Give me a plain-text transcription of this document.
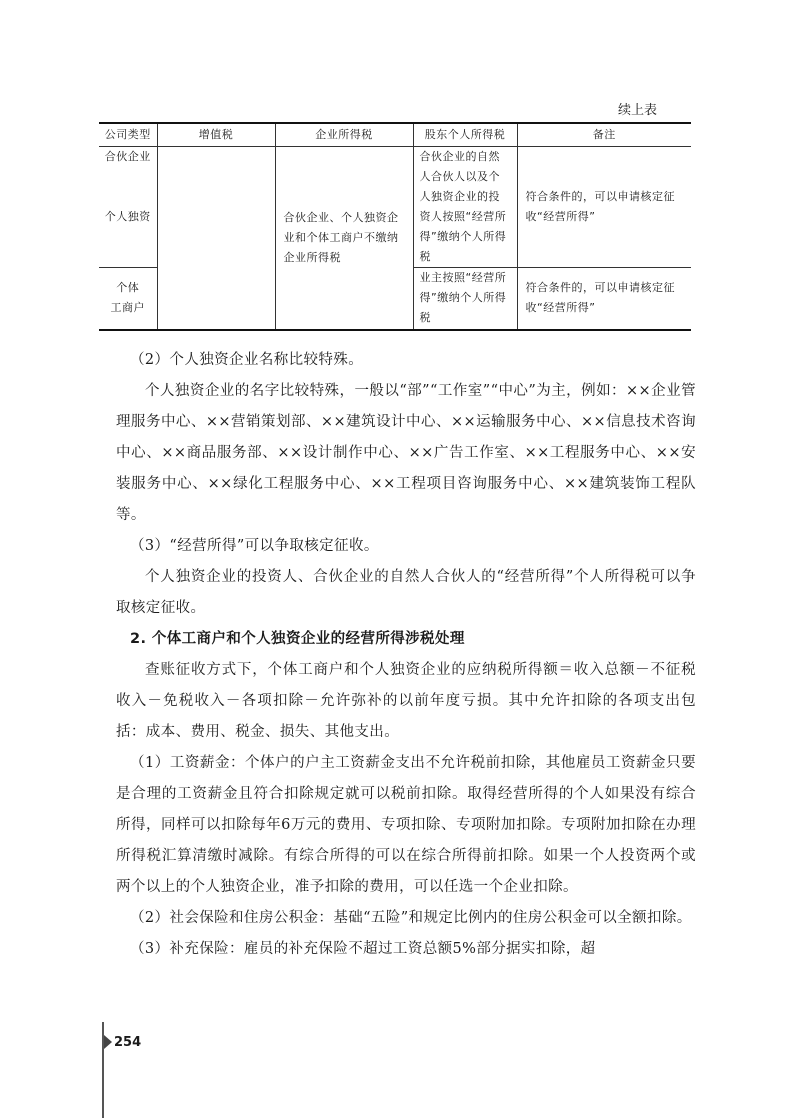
续上表
公司类型	增值税	企业所得税	股东个人所得税	备注

合伙企业
个人独资		合伙企业、个人独资企业和个体工商户不缴纳企业所得税	合伙企业的自然人合伙人以及个人独资企业的投资人按照“经营所得”缴纳个人所得税	符合条件的，可以申请核定征收“经营所得”

个体
工商户			业主按照“经营所得”缴纳个人所得税	符合条件的，可以申请核定征收“经营所得”

（2）个人独资企业名称比较特殊。

个人独资企业的名字比较特殊，一般以“部”“工作室”“中心”为主，例如：××企业管理服务中心、××营销策划部、××建筑设计中心、××运输服务中心、××信息技术咨询中心、××商品服务部、××设计制作中心、××广告工作室、××工程服务中心、××安装服务中心、××绿化工程服务中心、××工程项目咨询服务中心、××建筑装饰工程队等。

（3）“经营所得”可以争取核定征收。

个人独资企业的投资人、合伙企业的自然人合伙人的“经营所得”个人所得税可以争取核定征收。

2. 个体工商户和个人独资企业的经营所得涉税处理

查账征收方式下，个体工商户和个人独资企业的应纳税所得额＝收入总额－不征税收入－免税收入－各项扣除－允许弥补的以前年度亏损。其中允许扣除的各项支出包括：成本、费用、税金、损失、其他支出。

（1）工资薪金：个体户的户主工资薪金支出不允许税前扣除，其他雇员工资薪金只要是合理的工资薪金且符合扣除规定就可以税前扣除。取得经营所得的个人如果没有综合所得，同样可以扣除每年6万元的费用、专项扣除、专项附加扣除。专项附加扣除在办理所得税汇算清缴时减除。有综合所得的可以在综合所得前扣除。如果一个人投资两个或两个以上的个人独资企业，准予扣除的费用，可以任选一个企业扣除。

（2）社会保险和住房公积金：基础“五险”和规定比例内的住房公积金可以全额扣除。

（3）补充保险：雇员的补充保险不超过工资总额5%部分据实扣除，超

254
